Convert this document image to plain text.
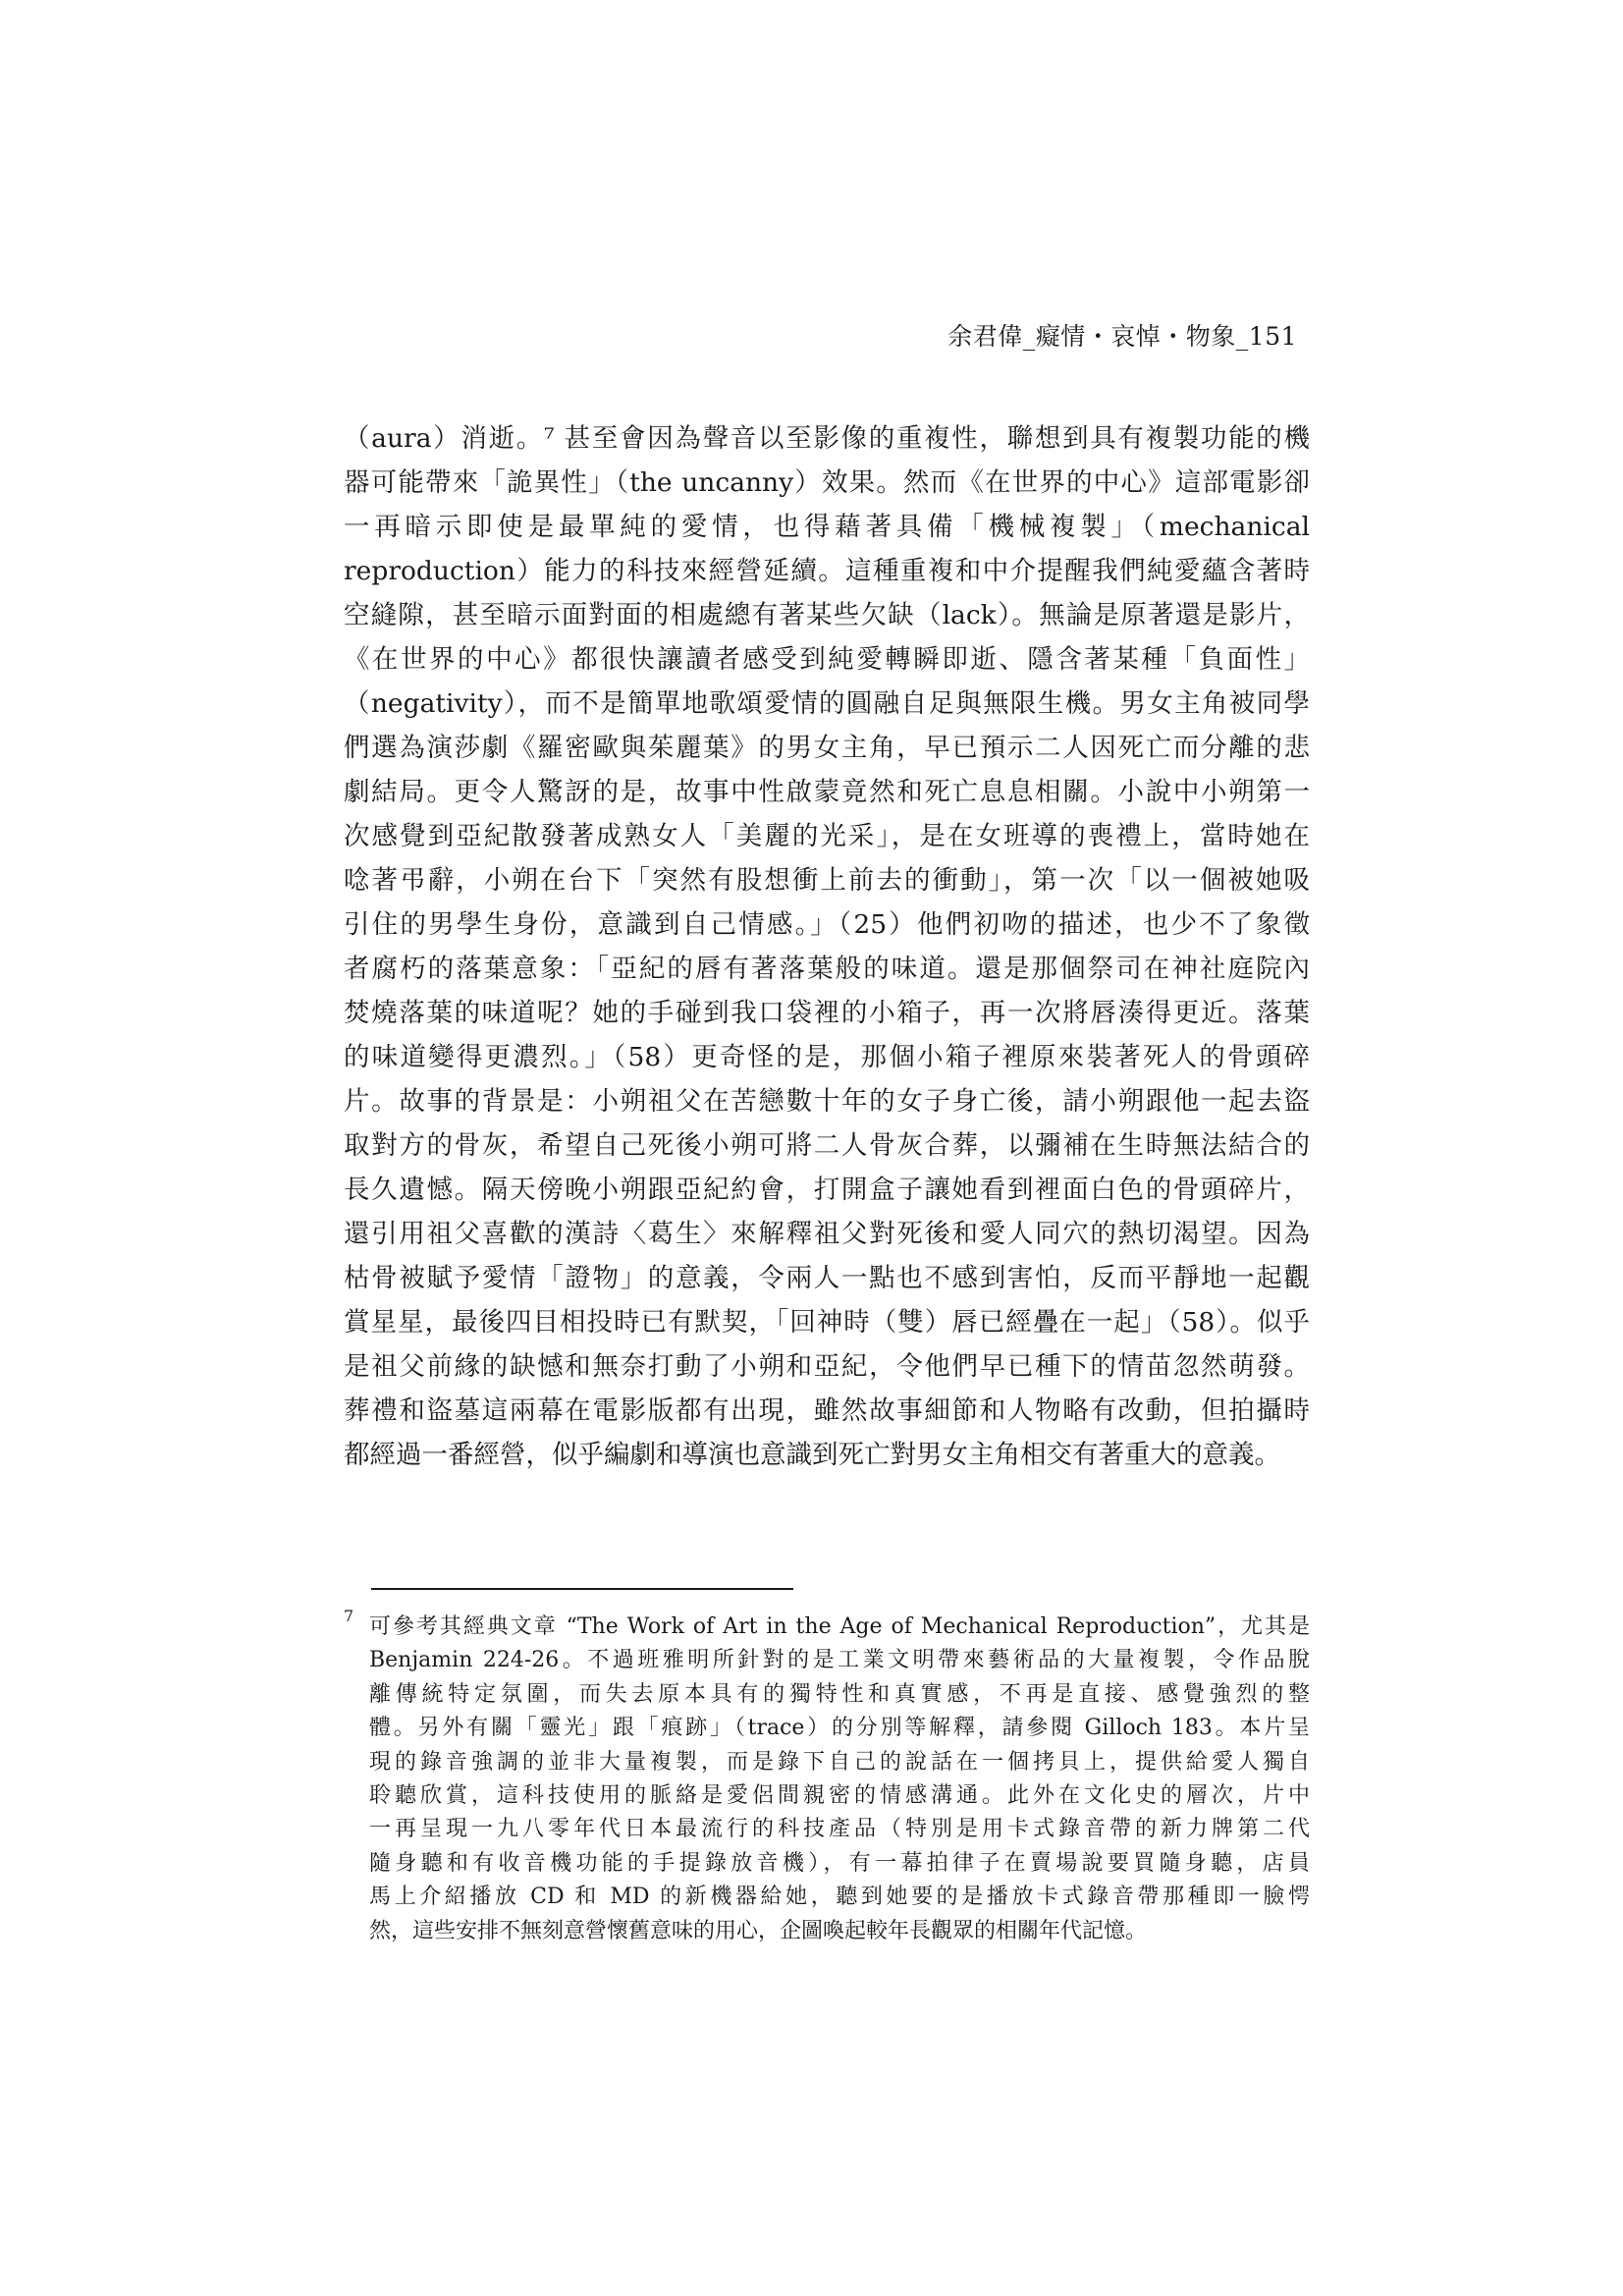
余君偉_癡情・哀悼・物象_151
（aura）消逝。⁷ 甚至會因為聲音以至影像的重複性，聯想到具有複製功能的機
器可能帶來「詭異性」（the uncanny）效果。然而《在世界的中心》這部電影卻
一再暗示即使是最單純的愛情，也得藉著具備「機械複製」（mechanical
reproduction）能力的科技來經營延續。這種重複和中介提醒我們純愛蘊含著時
空縫隙，甚至暗示面對面的相處總有著某些欠缺（lack）。無論是原著還是影片，
《在世界的中心》都很快讓讀者感受到純愛轉瞬即逝、隱含著某種「負面性」
（negativity），而不是簡單地歌頌愛情的圓融自足與無限生機。男女主角被同學
們選為演莎劇《羅密歐與茱麗葉》的男女主角，早已預示二人因死亡而分離的悲
劇結局。更令人驚訝的是，故事中性啟蒙竟然和死亡息息相關。小說中小朔第一
次感覺到亞紀散發著成熟女人「美麗的光采」，是在女班導的喪禮上，當時她在
唸著弔辭，小朔在台下「突然有股想衝上前去的衝動」，第一次「以一個被她吸
引住的男學生身份，意識到自己情感。」（25）他們初吻的描述，也少不了象徵
者腐朽的落葉意象：「亞紀的唇有著落葉般的味道。還是那個祭司在神社庭院內
焚燒落葉的味道呢？她的手碰到我口袋裡的小箱子，再一次將唇湊得更近。落葉
的味道變得更濃烈。」（58）更奇怪的是，那個小箱子裡原來裝著死人的骨頭碎
片。故事的背景是：小朔祖父在苦戀數十年的女子身亡後，請小朔跟他一起去盜
取對方的骨灰，希望自己死後小朔可將二人骨灰合葬，以彌補在生時無法結合的
長久遺憾。隔天傍晚小朔跟亞紀約會，打開盒子讓她看到裡面白色的骨頭碎片，
還引用祖父喜歡的漢詩〈葛生〉來解釋祖父對死後和愛人同穴的熱切渴望。因為
枯骨被賦予愛情「證物」的意義，令兩人一點也不感到害怕，反而平靜地一起觀
賞星星，最後四目相投時已有默契，「回神時（雙）唇已經疊在一起」（58）。似乎
是祖父前緣的缺憾和無奈打動了小朔和亞紀，令他們早已種下的情苗忽然萌發。
葬禮和盜墓這兩幕在電影版都有出現，雖然故事細節和人物略有改動，但拍攝時
都經過一番經營，似乎編劇和導演也意識到死亡對男女主角相交有著重大的意義。
7 可參考其經典文章 “The Work of Art in the Age of Mechanical Reproduction”，尤其是
Benjamin 224-26。不過班雅明所針對的是工業文明帶來藝術品的大量複製，令作品脫
離傳統特定氛圍，而失去原本具有的獨特性和真實感，不再是直接、感覺強烈的整
體。另外有關「靈光」跟「痕跡」（trace）的分別等解釋，請參閱 Gilloch 183。本片呈
現的錄音強調的並非大量複製，而是錄下自己的說話在一個拷貝上，提供給愛人獨自
聆聽欣賞，這科技使用的脈絡是愛侶間親密的情感溝通。此外在文化史的層次，片中
一再呈現一九八零年代日本最流行的科技產品（特別是用卡式錄音帶的新力牌第二代
隨身聽和有收音機功能的手提錄放音機），有一幕拍律子在賣場說要買隨身聽，店員
馬上介紹播放 CD 和 MD 的新機器給她，聽到她要的是播放卡式錄音帶那種即一臉愕
然，這些安排不無刻意營懷舊意味的用心，企圖喚起較年長觀眾的相關年代記憶。
